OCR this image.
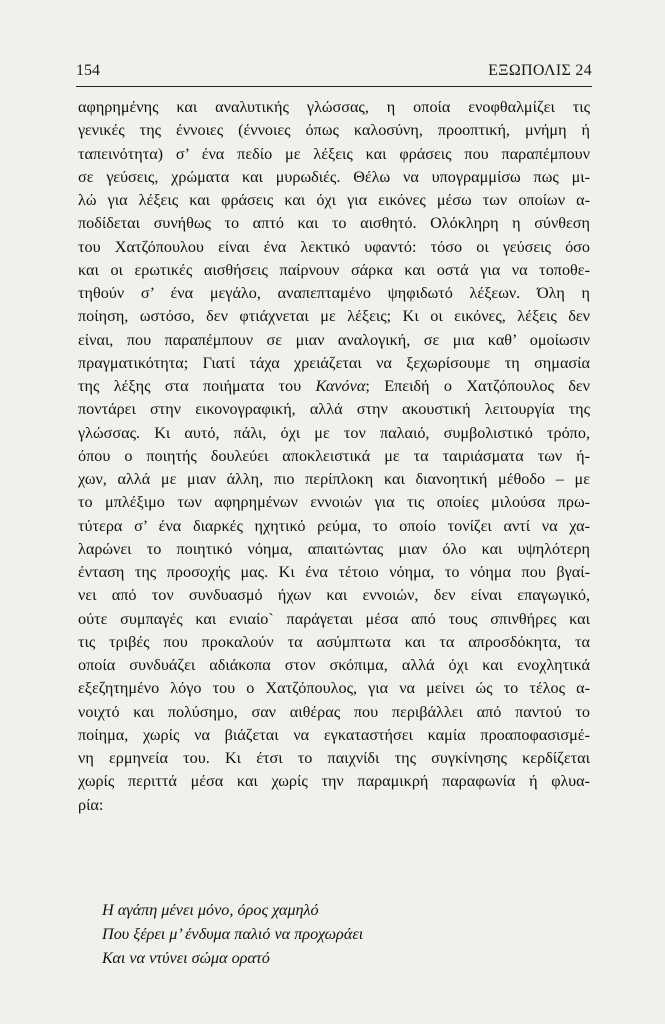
154	ΕΞΩΠΟΛΙΣ 24
αφηρημένης και αναλυτικής γλώσσας, η οποία ενοφθαλμίζει τις
γενικές της έννοιες (έννοιες όπως καλοσύνη, προοπτική, μνήμη ή
ταπεινότητα) σ’ ένα πεδίο με λέξεις και φράσεις που παραπέμπουν
σε γεύσεις, χρώματα και μυρωδιές. Θέλω να υπογραμμίσω πως μι-
λώ για λέξεις και φράσεις και όχι για εικόνες μέσω των οποίων α-
ποδίδεται συνήθως το απτό και το αισθητό. Ολόκληρη η σύνθεση
του Χατζόπουλου είναι ένα λεκτικό υφαντό: τόσο οι γεύσεις όσο
και οι ερωτικές αισθήσεις παίρνουν σάρκα και οστά για να τοποθε-
τηθούν σ’ ένα μεγάλο, αναπεπταμένο ψηφιδωτό λέξεων. Όλη η
ποίηση, ωστόσο, δεν φτιάχνεται με λέξεις; Κι οι εικόνες, λέξεις δεν
είναι, που παραπέμπουν σε μιαν αναλογική, σε μια καθ’ ομοίωσιν
πραγματικότητα; Γιατί τάχα χρειάζεται να ξεχωρίσουμε τη σημασία
της λέξης στα ποιήματα του Κανόνα; Επειδή ο Χατζόπουλος δεν
ποντάρει στην εικονογραφική, αλλά στην ακουστική λειτουργία της
γλώσσας. Κι αυτό, πάλι, όχι με τον παλαιό, συμβολιστικό τρόπο,
όπου ο ποιητής δουλεύει αποκλειστικά με τα ταιριάσματα των ή-
χων, αλλά με μιαν άλλη, πιο περίπλοκη και διανοητική μέθοδο – με
το μπλέξιμο των αφηρημένων εννοιών για τις οποίες μιλούσα πρω-
τύτερα σ’ ένα διαρκές ηχητικό ρεύμα, το οποίο τονίζει αντί να χα-
λαρώνει το ποιητικό νόημα, απαιτώντας μιαν όλο και υψηλότερη
ένταση της προσοχής μας. Κι ένα τέτοιο νόημα, το νόημα που βγαί-
νει από τον συνδυασμό ήχων και εννοιών, δεν είναι επαγωγικό,
ούτε συμπαγές και ενιαίο` παράγεται μέσα από τους σπινθήρες και
τις τριβές που προκαλούν τα ασύμπτωτα και τα απροσδόκητα, τα
οποία συνδυάζει αδιάκοπα στον σκόπιμα, αλλά όχι και ενοχλητικά
εξεζητημένο λόγο του ο Χατζόπουλος, για να μείνει ώς το τέλος α-
νοιχτό και πολύσημο, σαν αιθέρας που περιβάλλει από παντού το
ποίημα, χωρίς να βιάζεται να εγκαταστήσει καμία προαποφασισμέ-
νη ερμηνεία του. Κι έτσι το παιχνίδι της συγκίνησης κερδίζεται
χωρίς περιττά μέσα και χωρίς την παραμικρή παραφωνία ή φλυα-
ρία:
Η αγάπη μένει μόνο, όρος χαμηλό
Που ξέρει μ’ ένδυμα παλιό να προχωράει
Και να ντύνει σώμα ορατό
